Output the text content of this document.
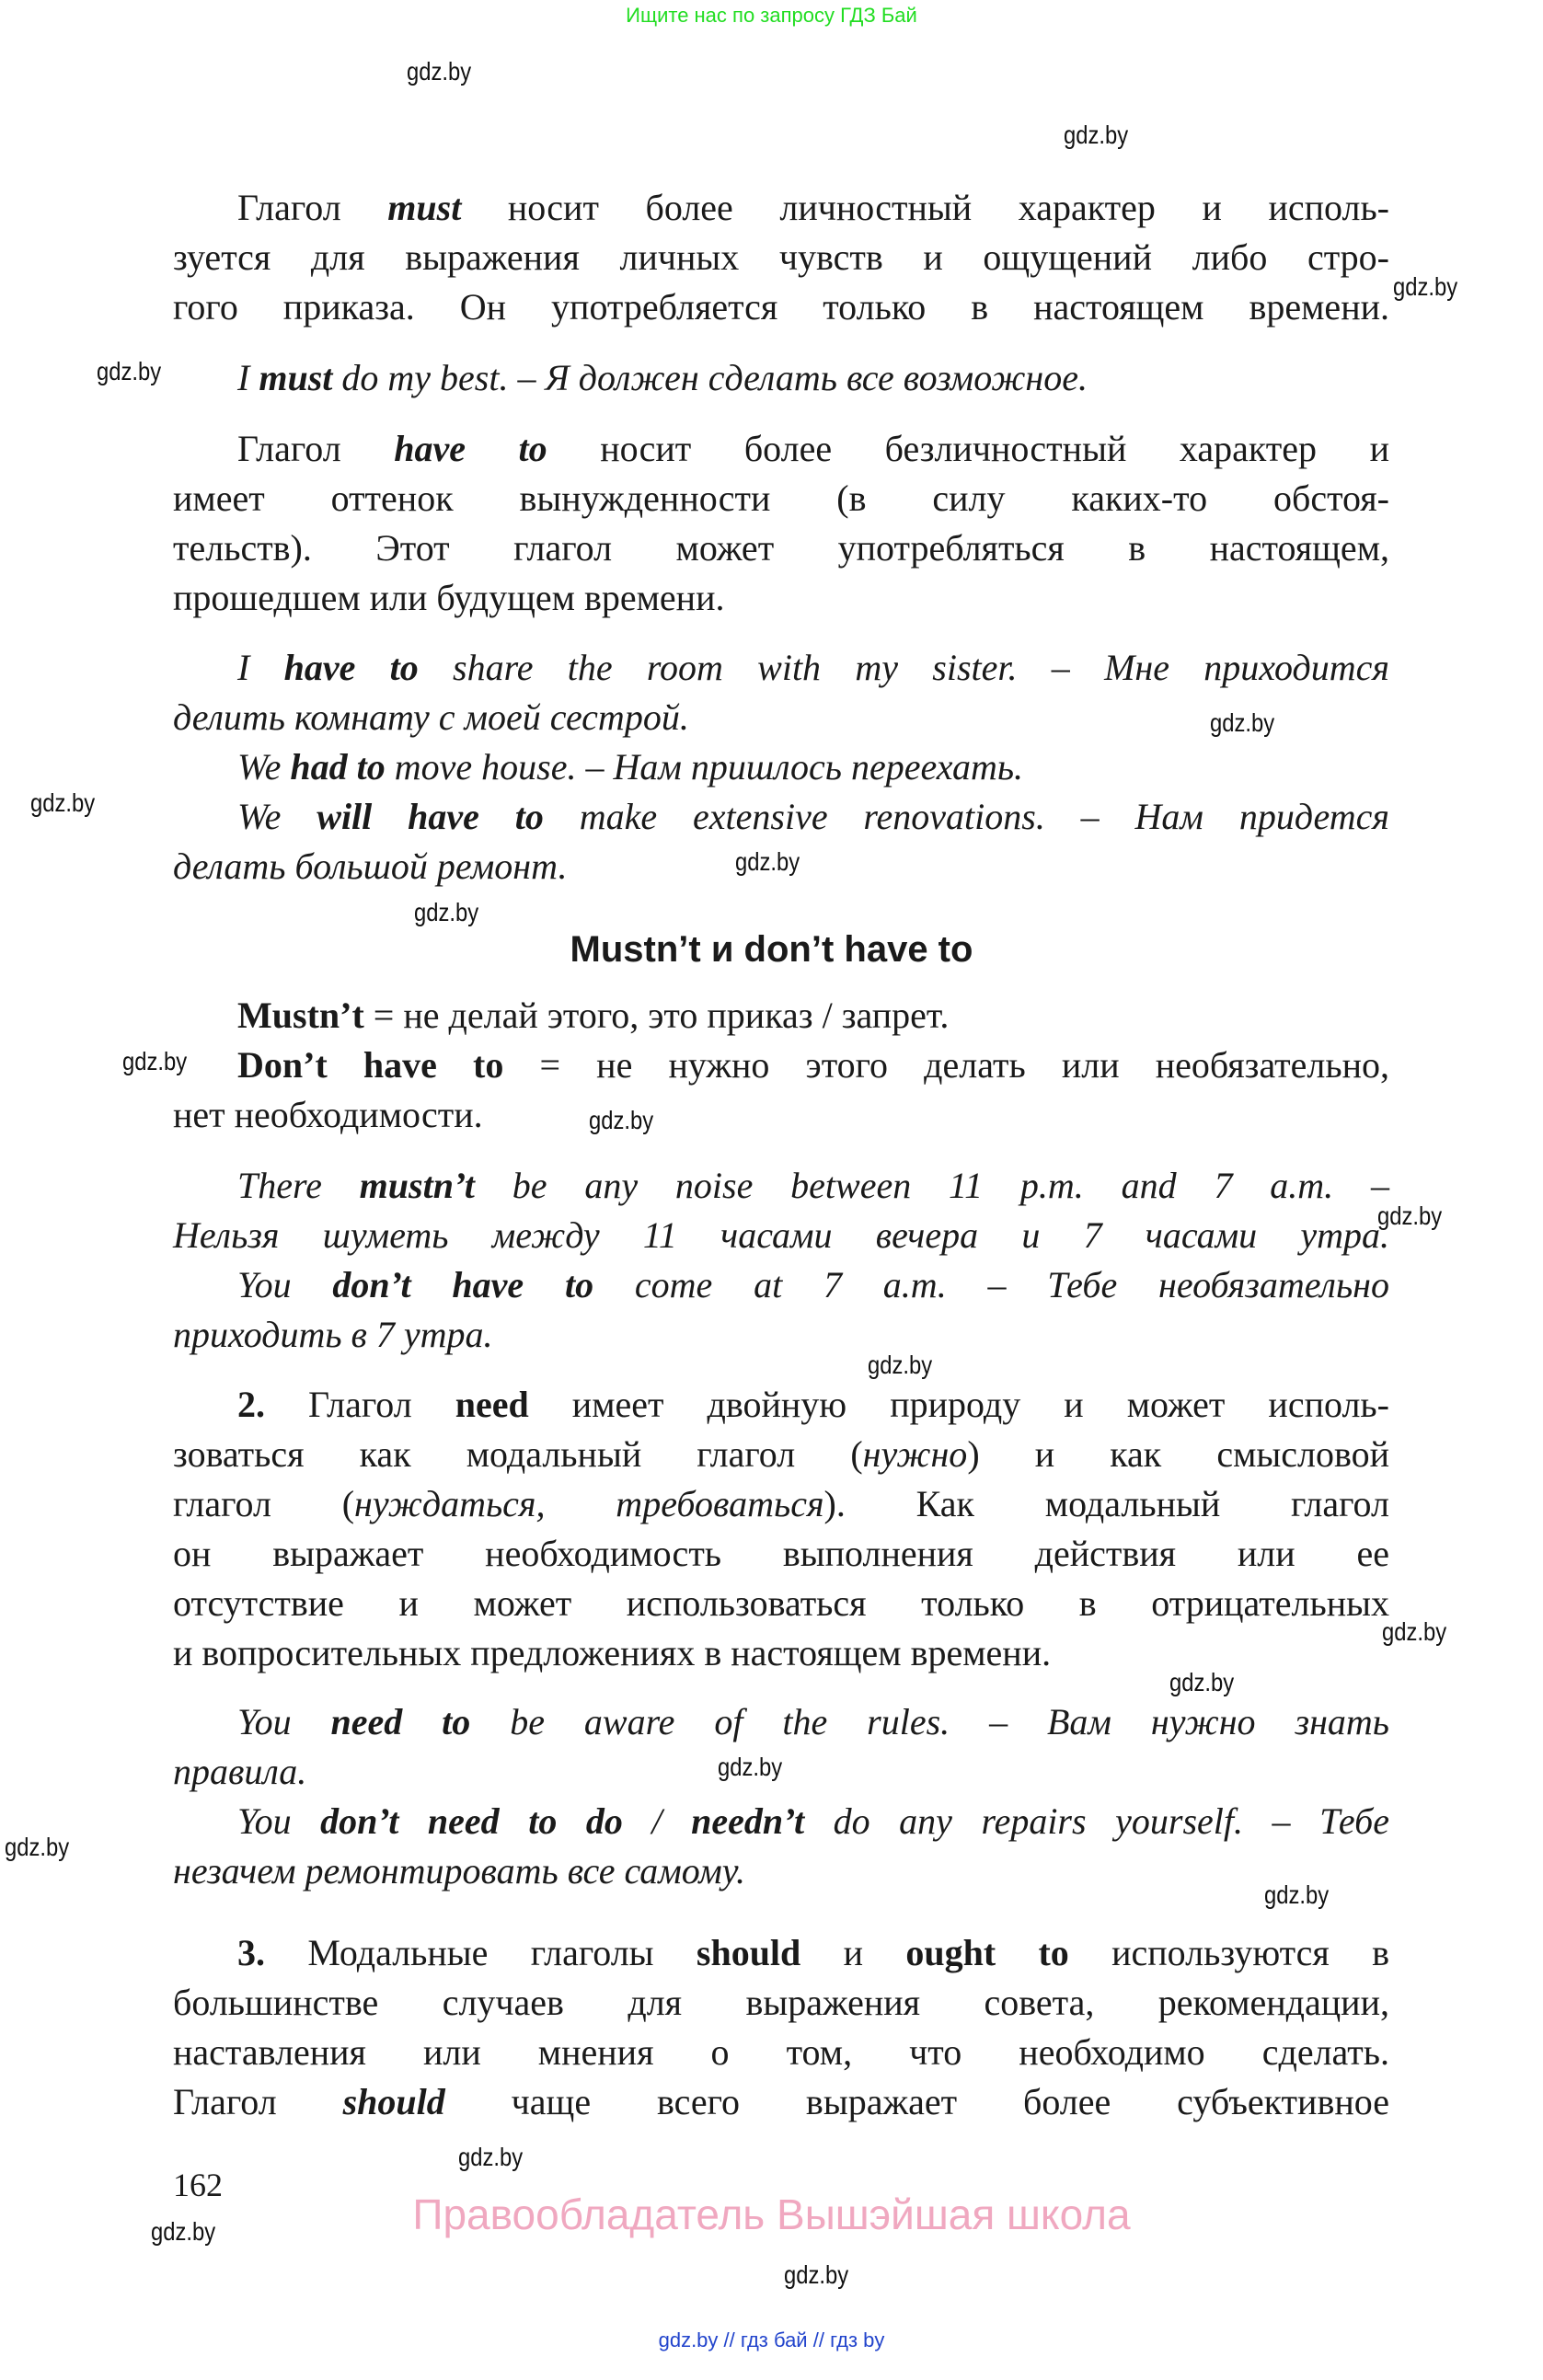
Ищите нас по запросу ГДЗ Бай
Глагол must носит более личностный характер и исполь-
зуется для выражения личных чувств и ощущений либо стро-
гого приказа. Он употребляется только в настоящем времени.
I must do my best. – Я должен сделать все возможное.
Глагол have to носит более безличностный характер и
имеет оттенок вынужденности (в силу каких-то обстоя-
тельств). Этот глагол может употребляться в настоящем,
прошедшем или будущем времени.
I have to share the room with my sister. – Мне приходится
делить комнату с моей сестрой.
We had to move house. – Нам пришлось переехать.
We will have to make extensive renovations. – Нам придется
делать большой ремонт.
Mustn’t = не делай этого, это приказ / запрет.
Don’t have to = не нужно этого делать или необязательно,
нет необходимости.
There mustn’t be any noise between 11 p.m. and 7 a.m. –
Нельзя шуметь между 11 часами вечера и 7 часами утра.
You don’t have to come at 7 a.m. – Тебе необязательно
приходить в 7 утра.
2. Глагол need имеет двойную природу и может исполь-
зоваться как модальный глагол (нужно) и как смысловой
глагол (нуждаться, требоваться). Как модальный глагол
он выражает необходимость выполнения действия или ее
отсутствие и может использоваться только в отрицательных
и вопросительных предложениях в настоящем времени.
You need to be aware of the rules. – Вам нужно знать
правила.
You don’t need to do / needn’t do any repairs yourself. – Тебе
незачем ремонтировать все самому.
3. Модальные глаголы should и ought to используются в
большинстве случаев для выражения совета, рекомендации,
наставления или мнения о том, что необходимо сделать.
Глагол should чаще всего выражает более субъективное
Mustn’t и don’t have to
gdz.by
gdz.by
gdz.by
gdz.by
gdz.by
gdz.by
gdz.by
gdz.by
gdz.by
gdz.by
gdz.by
gdz.by
gdz.by
gdz.by
gdz.by
gdz.by
gdz.by
gdz.by
gdz.by
gdz.by
162
Правообладатель Вышэйшая школа
gdz.by // гдз бай // гдз by
